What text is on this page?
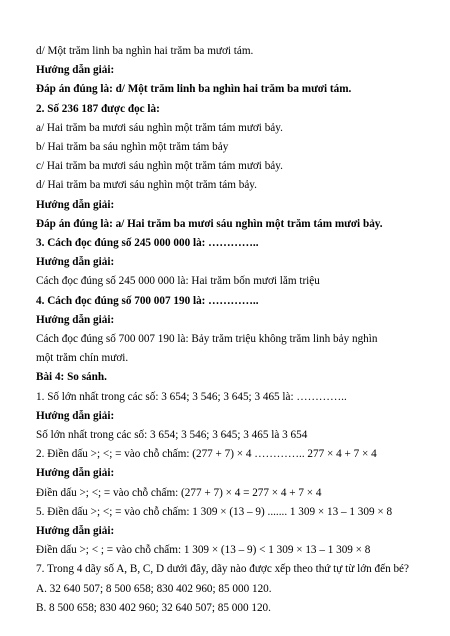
d/ Một trăm linh ba nghìn hai trăm ba mươi tám.
Hướng dẫn giải:
Đáp án đúng là: d/ Một trăm linh ba nghìn hai trăm ba mươi tám.
2. Số 236 187 được đọc là:
a/ Hai trăm ba mươi sáu nghìn một trăm tám mươi bảy.
b/ Hai trăm ba sáu nghìn một trăm tám bảy
c/ Hai trăm ba mươi sáu nghìn một trăm tám mươi bảy.
d/ Hai trăm ba mươi sáu nghìn một trăm tám bảy.
Hướng dẫn giải:
Đáp án đúng là: a/ Hai trăm ba mươi sáu nghìn một trăm tám mươi bảy.
3. Cách đọc đúng số 245 000 000 là: …………..
Hướng dẫn giải:
Cách đọc đúng số 245 000 000 là: Hai trăm bốn mươi lăm triệu
4. Cách đọc đúng số 700 007 190 là: …………..
Hướng dẫn giải:
Cách đọc đúng số 700 007 190 là: Bảy trăm triệu không trăm linh bảy nghìn
một trăm chín mươi.
Bài 4: So sánh.
1. Số lớn nhất trong các số: 3 654; 3 546; 3 645; 3 465 là: …………..
Hướng dẫn giải:
Số lớn nhất trong các số: 3 654; 3 546; 3 645; 3 465 là 3 654
2. Điền dấu >; <; = vào chỗ chấm: (277 + 7) × 4 ………….. 277 × 4 + 7 × 4
Hướng dẫn giải:
Điền dấu >; <; = vào chỗ chấm: (277 + 7) × 4 = 277 × 4 + 7 × 4
5. Điền dấu >; <; = vào chỗ chấm: 1 309 × (13 – 9) ....... 1 309 × 13 – 1 309 × 8
Hướng dẫn giải:
Điền dấu >; < ; = vào chỗ chấm: 1 309 × (13 – 9) < 1 309 × 13 – 1 309 × 8
7. Trong 4 dãy số A, B, C, D dưới đây, dãy nào được xếp theo thứ tự từ lớn đến bé?
A. 32 640 507; 8 500 658; 830 402 960; 85 000 120.
B. 8 500 658; 830 402 960; 32 640 507; 85 000 120.
